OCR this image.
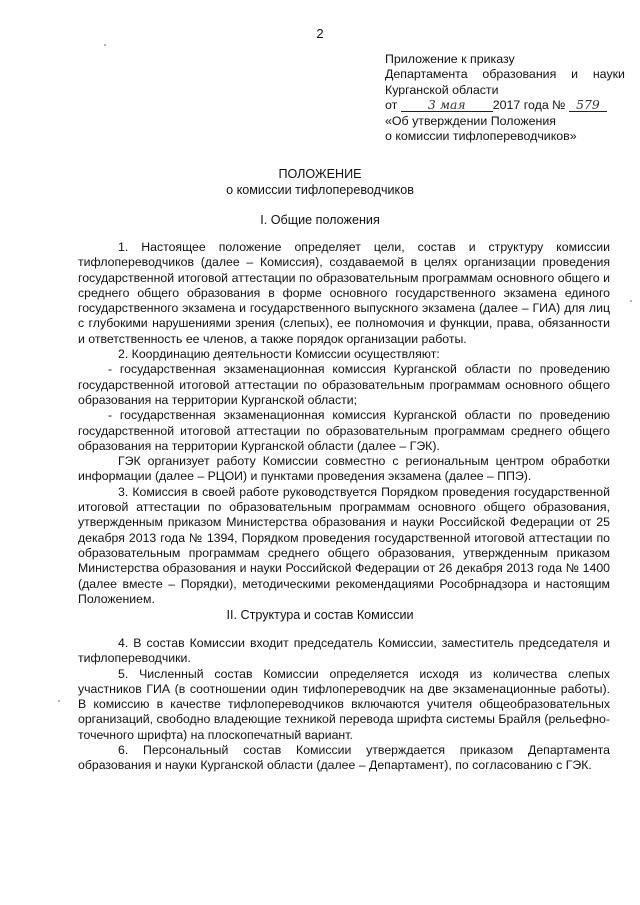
2
Приложение к приказу
Департамента образования и науки
Курганской области
от 3 мая 2017 года № 579
«Об утверждении Положения
о комиссии тифлопереводчиков»
ПОЛОЖЕНИЕ
о комиссии тифлопереводчиков
I. Общие положения

1. Настоящее положение определяет цели, состав и структуру комиссии тифлопереводчиков (далее – Комиссия), создаваемой в целях организации проведения государственной итоговой аттестации по образовательным программам основного общего и среднего общего образования в форме основного государственного экзамена единого государственного экзамена и государственного выпускного экзамена (далее – ГИА) для лиц с глубокими нарушениями зрения (слепых), ее полномочия и функции, права, обязанности и ответственность ее членов, а также порядок организации работы.

2. Координацию деятельности Комиссии осуществляют:

- государственная экзаменационная комиссия Курганской области по проведению государственной итоговой аттестации по образовательным программам основного общего образования на территории Курганской области;

- государственная экзаменационная комиссия Курганской области по проведению государственной итоговой аттестации по образовательным программам среднего общего образования на территории Курганской области (далее – ГЭК).

ГЭК организует работу Комиссии совместно с региональным центром обработки информации (далее – РЦОИ) и пунктами проведения экзамена (далее – ППЭ).

3. Комиссия в своей работе руководствуется Порядком проведения государственной итоговой аттестации по образовательным программам основного общего образования, утвержденным приказом Министерства образования и науки Российской Федерации от 25 декабря 2013 года № 1394, Порядком проведения государственной итоговой аттестации по образовательным программам среднего общего образования, утвержденным приказом Министерства образования и науки Российской Федерации от 26 декабря 2013 года № 1400 (далее вместе – Порядки), методическими рекомендациями Рособрнадзора и настоящим Положением.

II. Структура и состав Комиссии

4. В состав Комиссии входит председатель Комиссии, заместитель председателя и тифлопереводчики.

5. Численный состав Комиссии определяется исходя из количества слепых участников ГИА (в соотношении один тифлопереводчик на две экзаменационные работы). В комиссию в качестве тифлопереводчиков включаются учителя общеобразовательных организаций, свободно владеющие техникой перевода шрифта системы Брайля (рельефно-точечного шрифта) на плоскопечатный вариант.

6. Персональный состав Комиссии утверждается приказом Департамента образования и науки Курганской области (далее – Департамент), по согласованию с ГЭК.
